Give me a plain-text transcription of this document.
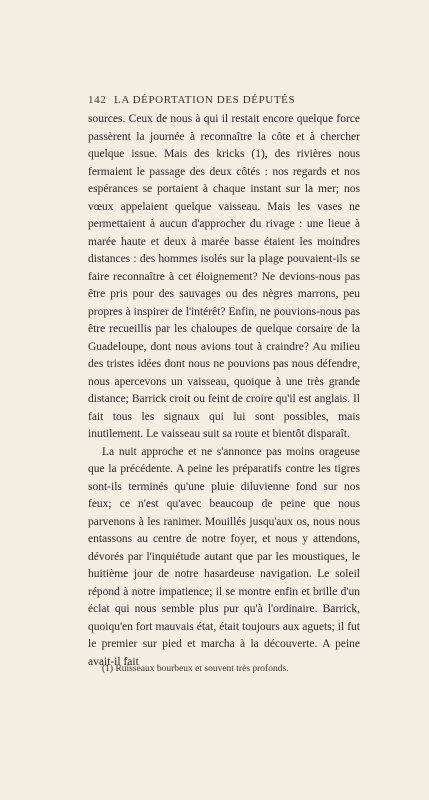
142 LA DÉPORTATION DES DÉPUTÉS

sources. Ceux de nous à qui il restait encore quelque force passèrent la journée à reconnaître la côte et à chercher quelque issue. Mais des kricks (1), des rivières nous fermaient le passage des deux côtés : nos regards et nos espérances se portaient à chaque instant sur la mer; nos vœux appelaient quelque vaisseau. Mais les vases ne permettaient à aucun d'approcher du rivage : une lieue à marée haute et deux à marée basse étaient les moindres distances : des hommes isolés sur la plage pouvaient-ils se faire reconnaître à cet éloignement? Ne devions-nous pas être pris pour des sauvages ou des nègres marrons, peu propres à inspirer de l'intérêt? Enfin, ne pouvions-nous pas être recueillis par les chaloupes de quelque corsaire de la Guadeloupe, dont nous avions tout à craindre? Au milieu des tristes idées dont nous ne pouvions pas nous défendre, nous apercevons un vaisseau, quoique à une très grande distance; Barrick croit ou feint de croire qu'il est anglais. Il fait tous les signaux qui lui sont possibles, mais inutilement. Le vaisseau suit sa route et bientôt disparaît.

La nuit approche et ne s'annonce pas moins orageuse que la précédente. A peine les préparatifs contre les tigres sont-ils terminés qu'une pluie diluvienne fond sur nos feux; ce n'est qu'avec beaucoup de peine que nous parvenons à les ranimer. Mouillés jusqu'aux os, nous nous entassons au centre de notre foyer, et nous y attendons, dévorés par l'inquiétude autant que par les moustiques, le huitième jour de notre hasardeuse navigation. Le soleil répond à notre impatience; il se montre enfin et brille d'un éclat qui nous semble plus pur qu'à l'ordinaire. Barrick, quoiqu'en fort mauvais état, était toujours aux aguets; il fut le premier sur pied et marcha à la découverte. A peine avait-il fait

(1) Ruisseaux bourbeux et souvent très profonds.
